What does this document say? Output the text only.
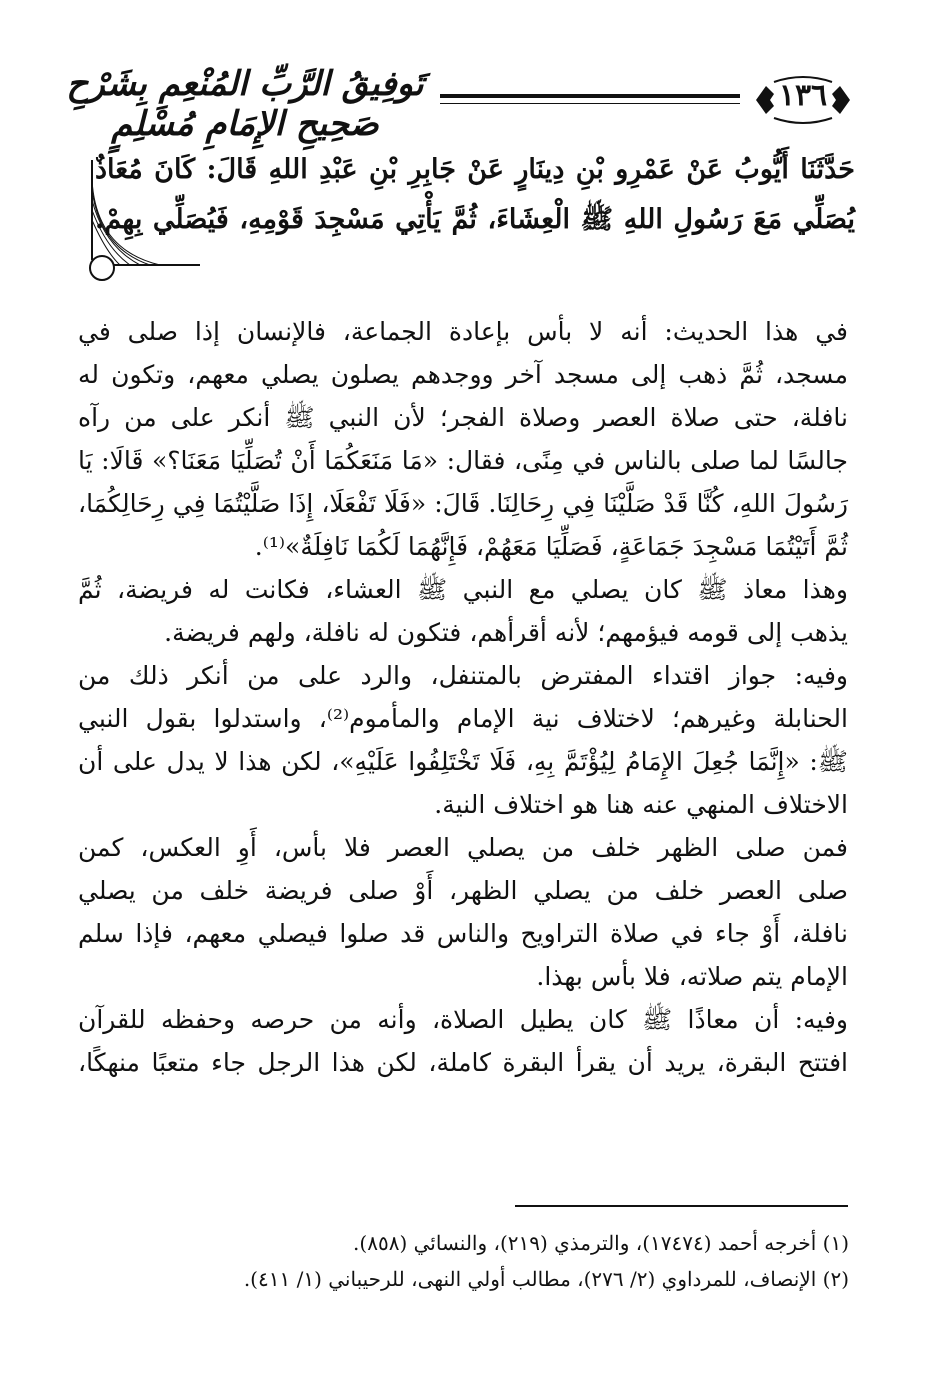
تَوفِيقُ الرَّبِّ المُنْعِمِ بِشَرْحِ صَحِيحِ الإِمَامِ مُسْلِمٍ
١٣٦
حَدَّثَنَا أَيُّوبُ عَنْ عَمْرِو بْنِ دِينَارٍ عَنْ جَابِرِ بْنِ عَبْدِ اللهِ قَالَ: كَانَ مُعَاذٌ
يُصَلِّي مَعَ رَسُولِ اللهِ ﷺ الْعِشَاءَ، ثُمَّ يَأْتِي مَسْجِدَ قَوْمِهِ، فَيُصَلِّي بِهِمْ.
في هذا الحديث: أنه لا بأس بإعادة الجماعة، فالإنسان إذا صلى في
مسجد، ثُمَّ ذهب إلى مسجد آخر ووجدهم يصلون يصلي معهم، وتكون له
نافلة، حتى صلاة العصر وصلاة الفجر؛ لأن النبي ﷺ أنكر على من رآه
جالسًا لما صلى بالناس في مِنًى، فقال: «مَا مَنَعَكُمَا أَنْ تُصَلِّيَا مَعَنَا؟» قَالَا: يَا
رَسُولَ اللهِ، كُنَّا قَدْ صَلَّيْنَا فِي رِحَالِنَا. قَالَ: «فَلَا تَفْعَلَا، إِذَا صَلَّيْتُمَا فِي رِحَالِكُمَا،
ثُمَّ أَتَيْتُمَا مَسْجِدَ جَمَاعَةٍ، فَصَلِّيَا مَعَهُمْ، فَإِنَّهُمَا لَكُمَا نَافِلَةٌ»⁽¹⁾.
وهذا معاذ ﷺ كان يصلي مع النبي ﷺ العشاء، فكانت له فريضة، ثُمَّ
يذهب إلى قومه فيؤمهم؛ لأنه أقرأهم، فتكون له نافلة، ولهم فريضة.
وفيه: جواز اقتداء المفترض بالمتنفل، والرد على من أنكر ذلك من
الحنابلة وغيرهم؛ لاختلاف نية الإمام والمأموم⁽²⁾، واستدلوا بقول النبي
ﷺ: «إِنَّمَا جُعِلَ الإِمَامُ لِيُؤْتَمَّ بِهِ، فَلَا تَخْتَلِفُوا عَلَيْهِ»، لكن هذا لا يدل على أن
الاختلاف المنهي عنه هنا هو اختلاف النية.
فمن صلى الظهر خلف من يصلي العصر فلا بأس، أَوِ العكس، كمن
صلى العصر خلف من يصلي الظهر، أَوْ صلى فريضة خلف من يصلي
نافلة، أَوْ جاء في صلاة التراويح والناس قد صلوا فيصلي معهم، فإذا سلم
الإمام يتم صلاته، فلا بأس بهذا.
وفيه: أن معاذًا ﷺ كان يطيل الصلاة، وأنه من حرصه وحفظه للقرآن
افتتح البقرة، يريد أن يقرأ البقرة كاملة، لكن هذا الرجل جاء متعبًا منهكًا،
(١) أخرجه أحمد (١٧٤٧٤)، والترمذي (٢١٩)، والنسائي (٨٥٨).
(٢) الإنصاف، للمرداوي (٢/ ٢٧٦)، مطالب أولي النهى، للرحيباني (١/ ٤١١).
